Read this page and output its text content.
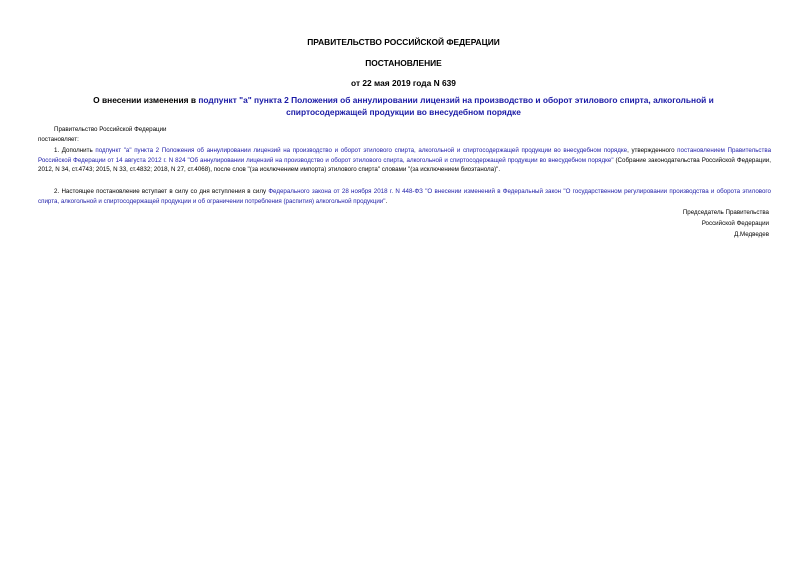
ПРАВИТЕЛЬСТВО РОССИЙСКОЙ ФЕДЕРАЦИИ
ПОСТАНОВЛЕНИЕ
от 22 мая 2019 года N 639
О внесении изменения в подпункт "а" пункта 2 Положения об аннулировании лицензий на производство и оборот этилового спирта, алкогольной и спиртосодержащей продукции во внесудебном порядке
Правительство Российской Федерации
постановляет:
1. Дополнить подпункт "а" пункта 2 Положения об аннулировании лицензий на производство и оборот этилового спирта, алкогольной и спиртосодержащей продукции во внесудебном порядке, утвержденного постановлением Правительства Российской Федерации от 14 августа 2012 г. N 824 "Об аннулировании лицензий на производство и оборот этилового спирта, алкогольной и спиртосодержащей продукции во внесудебном порядке" (Собрание законодательства Российской Федерации, 2012, N 34, ст.4743; 2015, N 33, ст.4832; 2018, N 27, ст.4068), после слов "(за исключением импорта) этилового спирта" словами "(за исключением биоэтанола)".
2. Настоящее постановление вступает в силу со дня вступления в силу Федерального закона от 28 ноября 2018 г. N 448-ФЗ "О внесении изменений в Федеральный закон "О государственном регулировании производства и оборота этилового спирта, алкогольной и спиртосодержащей продукции и об ограничении потребления (распития) алкогольной продукции".
Председатель Правительства
Российской Федерации
Д.Медведев
